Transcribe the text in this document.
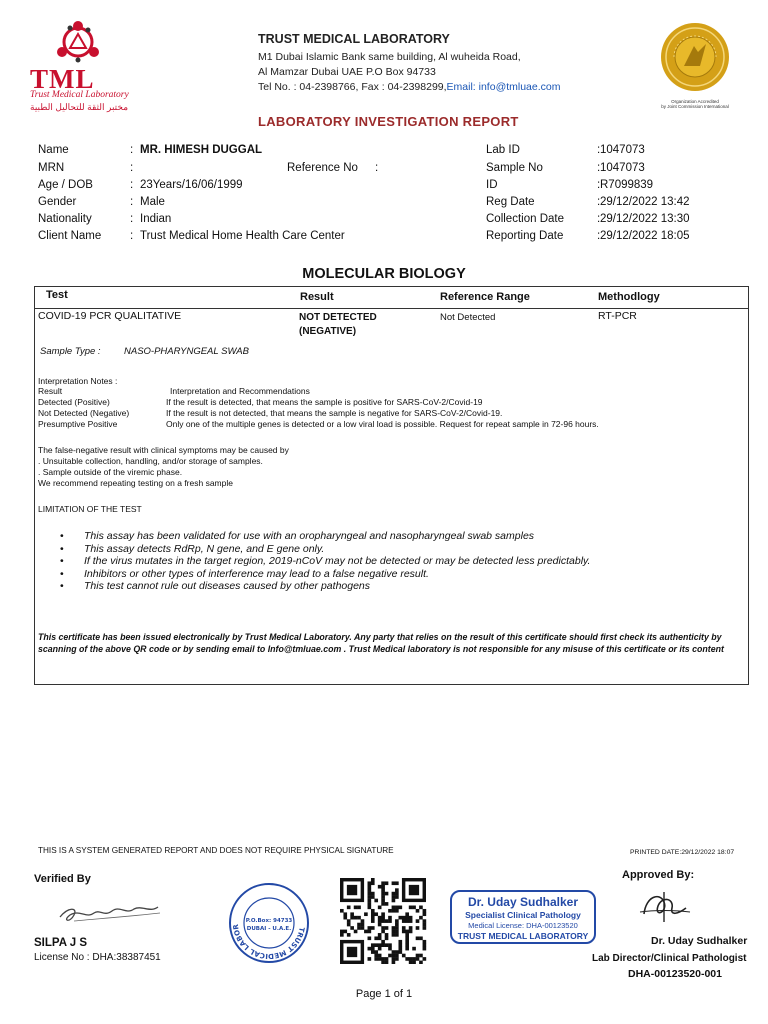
TML
Trust Medical Laboratory
مختبر الثقة للتحاليل الطبية
TRUST MEDICAL LABORATORY
M1 Dubai Islamic Bank same building, Al wuheida Road,
Al Mamzar Dubai UAE P.O Box 94733
Tel No. : 04-2398766, Fax : 04-2398299,Email: info@tmluae.com
Organization Accredited
by Joint Commission International
LABORATORY INVESTIGATION REPORT
Name	: MR. HIMESH DUGGAL
MRN	:	Reference No :
Age / DOB	: 23Years/16/06/1999
Gender	: Male
Nationality	: Indian
Client Name : Trust Medical Home Health Care Center
Lab ID	: 1047073
Sample No	: 1047073
ID	: R7099839
Reg Date	: 29/12/2022 13:42
Collection Date	: 29/12/2022 13:30
Reporting Date	: 29/12/2022 18:05
MOLECULAR BIOLOGY
Test	Result	Reference Range	Methodlogy
COVID-19 PCR QUALITATIVE	NOT DETECTED
(NEGATIVE)
Not Detected	RT-PCR
Sample Type : NASO-PHARYNGEAL SWAB
Interpretation Notes :
Result	Interpretation and Recommendations
Detected (Positive)	If the result is detected, that means the sample is positive for SARS-CoV-2/Covid-19
Not Detected (Negative)	If the result is not detected, that means the sample is negative for SARS-CoV-2/Covid-19.
Presumptive Positive	Only one of the multiple genes is detected or a low viral load is possible. Request for repeat sample in 72-96 hours.
The false-negative result with clinical symptoms may be caused by
. Unsuitable collection, handling, and/or storage of samples.
. Sample outside of the viremic phase.
We recommend repeating testing on a fresh sample
LIMITATION OF THE TEST
• This assay has been validated for use with an oropharyngeal and nasopharyngeal swab samples
• This assay detects RdRp, N gene, and E gene only.
• If the virus mutates in the target region, 2019-nCoV may not be detected or may be detected less predictably.
• Inhibitors or other types of interference may lead to a false negative result.
• This test cannot rule out diseases caused by other pathogens
This certificate has been issued electronically by Trust Medical Laboratory. Any party that relies on the result of this certificate should first check its authenticity by scanning of the above QR code or by sending email to Info@tmluae.com . Trust Medical laboratory is not responsible for any misuse of this certificate or its content
THIS IS A SYSTEM GENERATED REPORT AND DOES NOT REQUIRE PHYSICAL SIGNATURE	PRINTED DATE:29/12/2022 18:07
Verified By	Approved By:
SILPA J S
License No : DHA:38387451
TRUST MEDICAL LABOR
P.O.Box: 94733
DUBAI - U.A.E.
Dr. Uday Sudhalker
Specialist Clinical Pathology
Medical License: DHA-00123520
TRUST MEDICAL LABORATORY	Dr. Uday Sudhalker
Lab Director/Clinical Pathologist
DHA-00123520-001
Page 1 of 1
